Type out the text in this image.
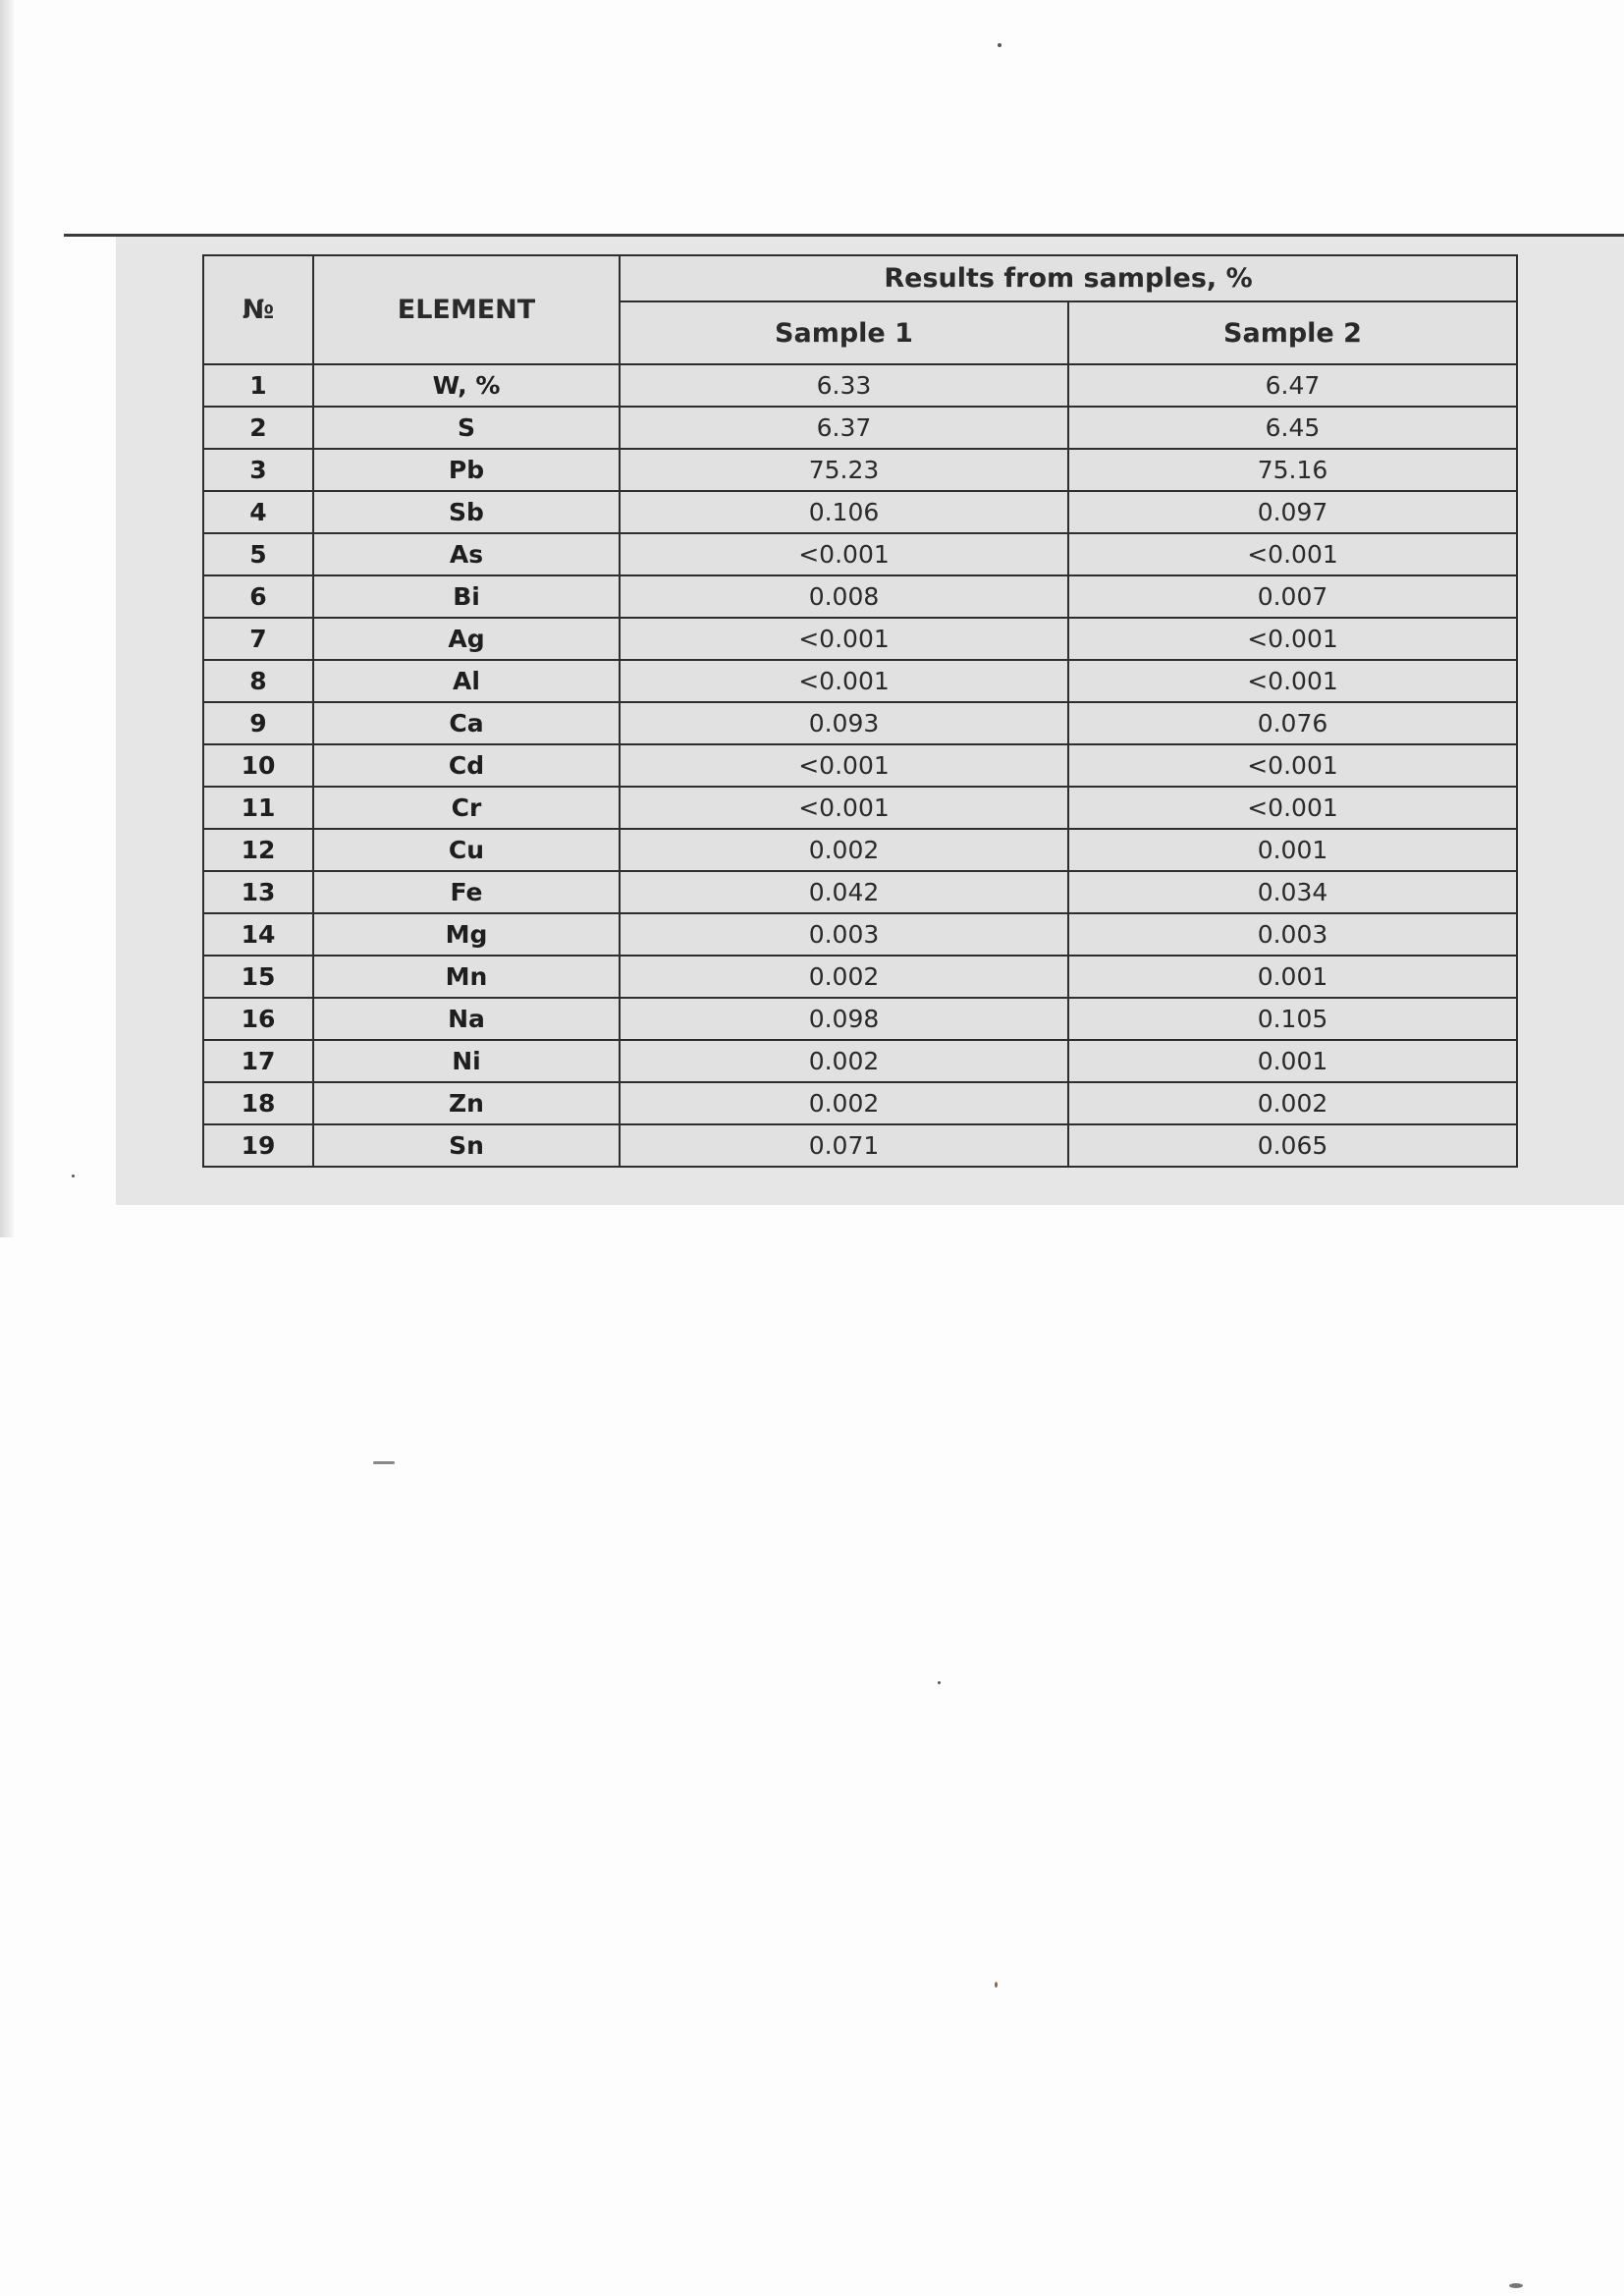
№	ELEMENT	Results from samples, %	
		Sample 1	Sample 2
1	W, %	6.33	6.47
2	S	6.37	6.45
3	Pb	75.23	75.16
4	Sb	0.106	0.097
5	As	<0.001	<0.001
6	Bi	0.008	0.007
7	Ag	<0.001	<0.001
8	Al	<0.001	<0.001
9	Ca	0.093	0.076
10	Cd	<0.001	<0.001
11	Cr	<0.001	<0.001
12	Cu	0.002	0.001
13	Fe	0.042	0.034
14	Mg	0.003	0.003
15	Mn	0.002	0.001
16	Na	0.098	0.105
17	Ni	0.002	0.001
18	Zn	0.002	0.002
19	Sn	0.071	0.065
